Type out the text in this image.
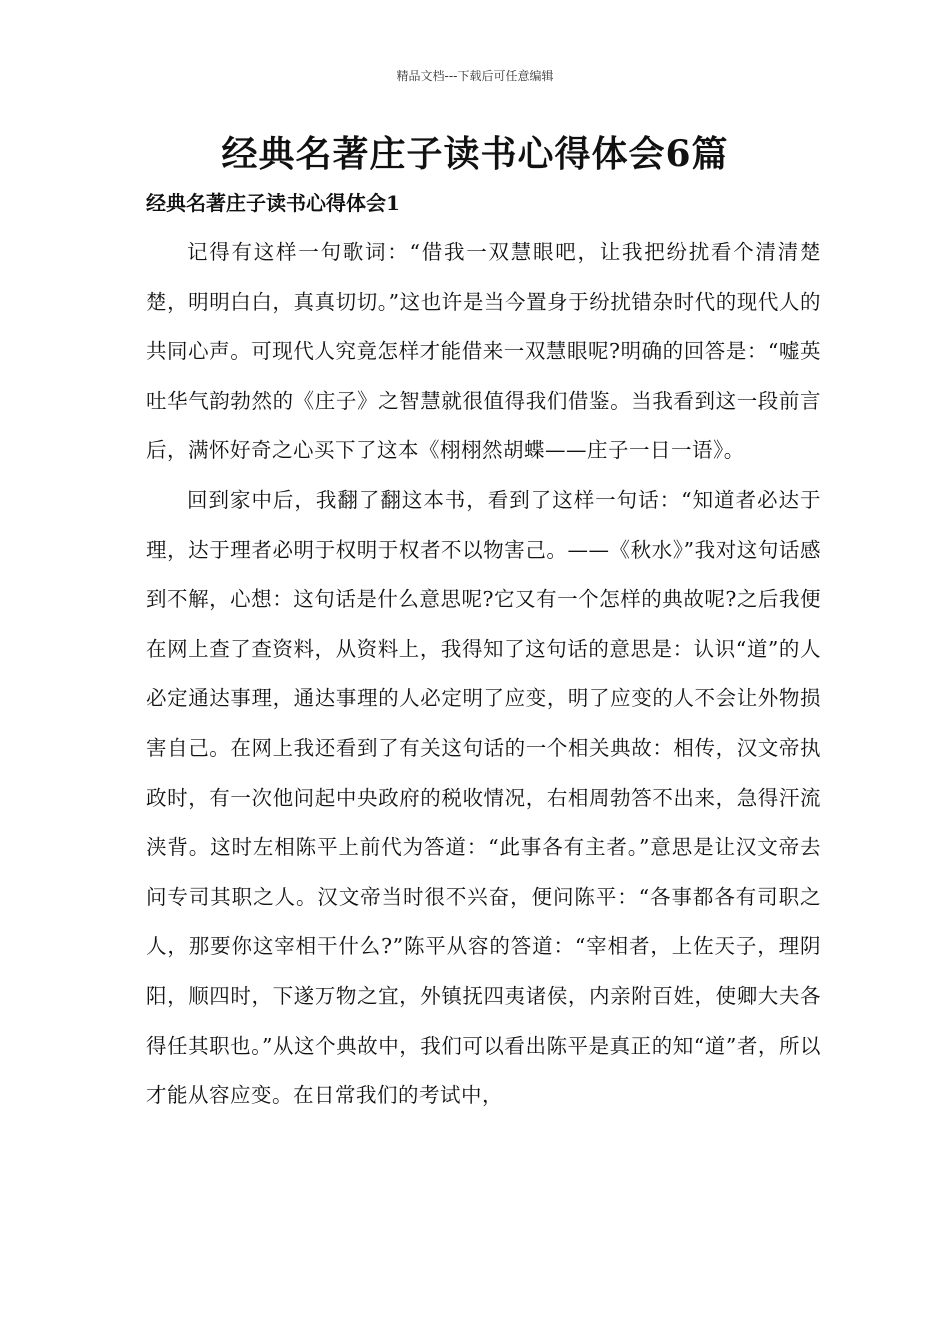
精品文档---下载后可任意编辑
经典名著庄子读书心得体会6篇
经典名著庄子读书心得体会1

记得有这样一句歌词：“借我一双慧眼吧，让我把纷扰看个清清楚楚，明明白白，真真切切。”这也许是当今置身于纷扰错杂时代的现代人的共同心声。可现代人究竟怎样才能借来一双慧眼呢?明确的回答是：“嘘英吐华气韵勃然的《庄子》之智慧就很值得我们借鉴。当我看到这一段前言后，满怀好奇之心买下了这本《栩栩然胡蝶——庄子一日一语》。

回到家中后，我翻了翻这本书，看到了这样一句话：“知道者必达于理，达于理者必明于权明于权者不以物害己。——《秋水》”我对这句话感到不解，心想：这句话是什么意思呢?它又有一个怎样的典故呢?之后我便在网上查了查资料，从资料上，我得知了这句话的意思是：认识“道”的人必定通达事理，通达事理的人必定明了应变，明了应变的人不会让外物损害自己。在网上我还看到了有关这句话的一个相关典故：相传，汉文帝执政时，有一次他问起中央政府的税收情况，右相周勃答不出来，急得汗流浃背。这时左相陈平上前代为答道：“此事各有主者。”意思是让汉文帝去问专司其职之人。汉文帝当时很不兴奋，便问陈平：“各事都各有司职之人，那要你这宰相干什么?”陈平从容的答道：“宰相者，上佐天子，理阴阳，顺四时，下遂万物之宜，外镇抚四夷诸侯，内亲附百姓，使卿大夫各得任其职也。”从这个典故中，我们可以看出陈平是真正的知“道”者，所以才能从容应变。在日常我们的考试中，
